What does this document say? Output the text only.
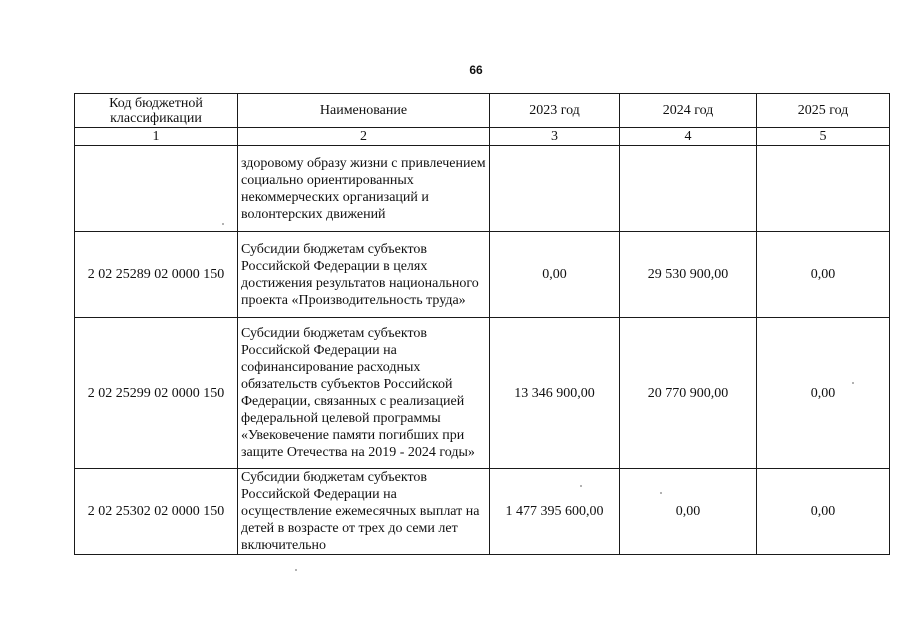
66
Код бюджетной классификации	Наименование	2023 год	2024 год	2025 год
1	2	3	4	5
	здоровому образу жизни с привлечением социально ориентированных некоммерческих организаций и волонтерских движений			
2 02 25289 02 0000 150	Субсидии бюджетам субъектов Российской Федерации в целях достижения результатов национального проекта «Производительность труда»	0,00	29 530 900,00	0,00
2 02 25299 02 0000 150	Субсидии бюджетам субъектов Российской Федерации на софинансирование расходных обязательств субъектов Российской Федерации, связанных с реализацией федеральной целевой программы «Увековечение памяти погибших при защите Отечества на 2019 - 2024 годы»	13 346 900,00	20 770 900,00	0,00
2 02 25302 02 0000 150	Субсидии бюджетам субъектов Российской Федерации на осуществление ежемесячных выплат на детей в возрасте от трех до семи лет включительно	1 477 395 600,00	0,00	0,00
